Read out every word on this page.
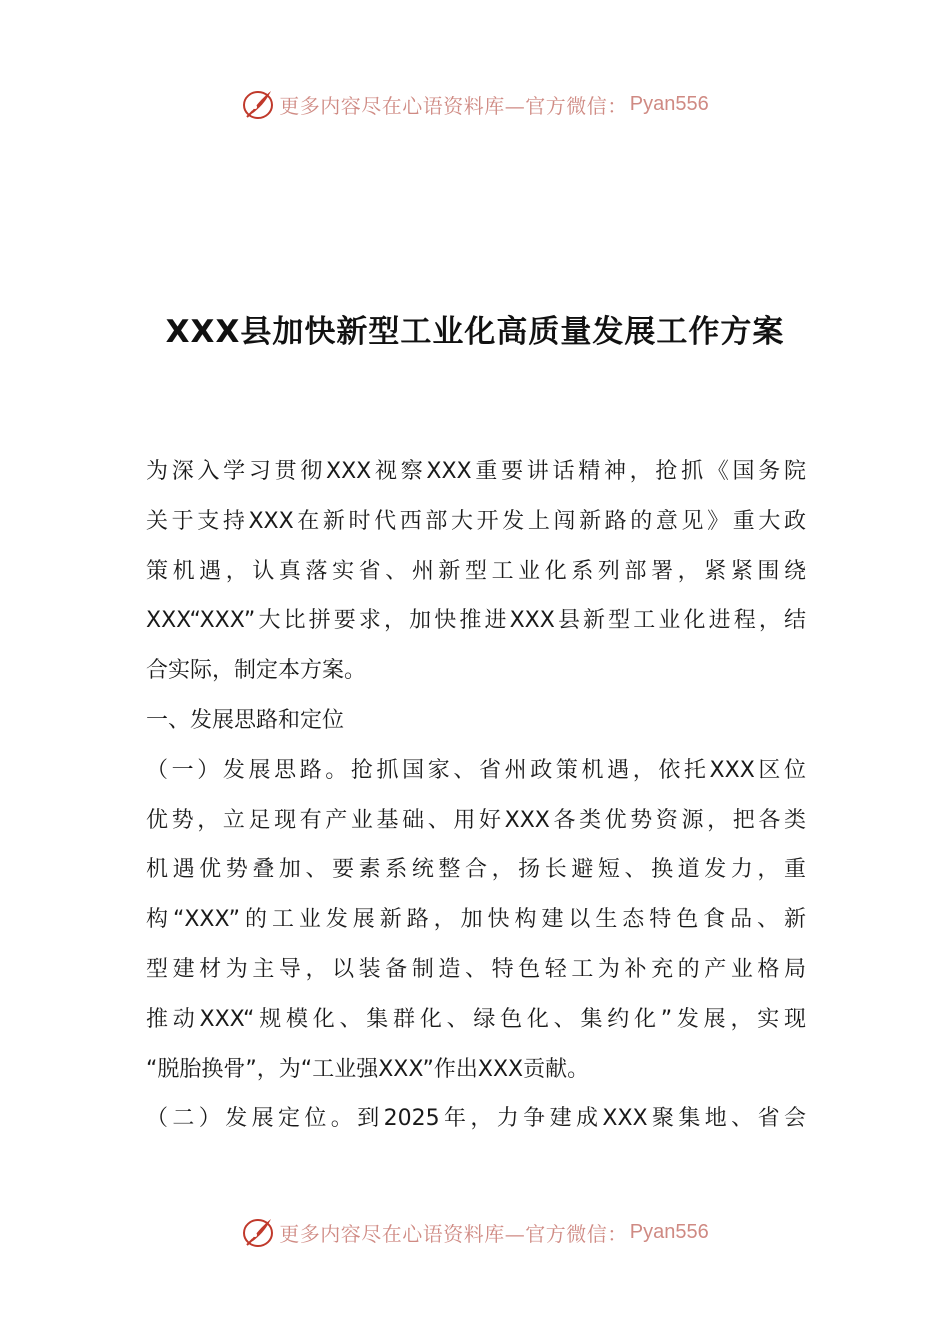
更多内容尽在心语资料库—官方微信： Pyan556
XXX县加快新型工业化高质量发展工作方案
为深入学习贯彻XXX视察XXX重要讲话精神，抢抓《国务院
关于支持XXX在新时代西部大开发上闯新路的意见》重大政
策机遇，认真落实省、州新型工业化系列部署，紧紧围绕
XXX“XXX”大比拼要求，加快推进XXX县新型工业化进程，结
合实际，制定本方案。
一、发展思路和定位
（一）发展思路。抢抓国家、省州政策机遇，依托XXX区位
优势，立足现有产业基础、用好XXX各类优势资源，把各类
机遇优势叠加、要素系统整合，扬长避短、换道发力，重
构“XXX”的工业发展新路，加快构建以生态特色食品、新
型建材为主导，以装备制造、特色轻工为补充的产业格局
推动XXX“规模化、集群化、绿色化、集约化”发展，实现
“脱胎换骨”，为“工业强XXX”作出XXX贡献。
（二）发展定位。到2025年，力争建成XXX聚集地、省会
更多内容尽在心语资料库—官方微信： Pyan556
